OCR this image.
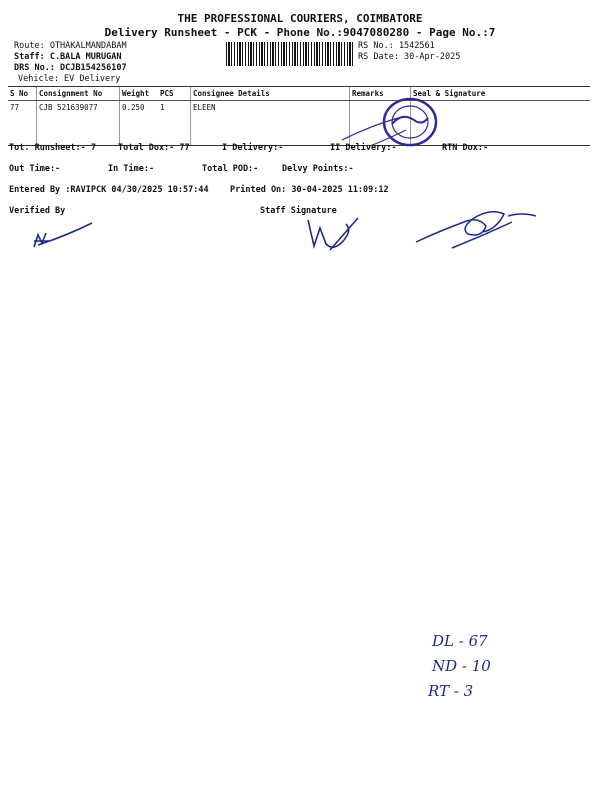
THE PROFESSIONAL COURIERS, COIMBATORE
Delivery Runsheet - PCK - Phone No.:9047080280 - Page No.:7
Route: OTHAKALMANDABAM
Staff: C.BALA MURUGAN
DRS No.: DCJB154256107
Vehicle: EV Delivery
RS No.: 1542561
RS Date: 30-Apr-2025
S No	Consignment No	Weight	PCS	Consignee Details	Remarks	Seal & Signature
77	CJB 521639077	0.250	1	ELEEN		
Tot. Runsheet:- 7	Total Dox:- 77	I Delivery:-	II Delivery:-	RTN Dox:-
Out Time:-	In Time:-	Total POD:-	Delvy Points:-
Entered By :RAVIPCK 04/30/2025 10:57:44	Printed On: 30-04-2025 11:09:12
Verified By	Staff Signature
DL - 67
ND - 10
RT - 3
